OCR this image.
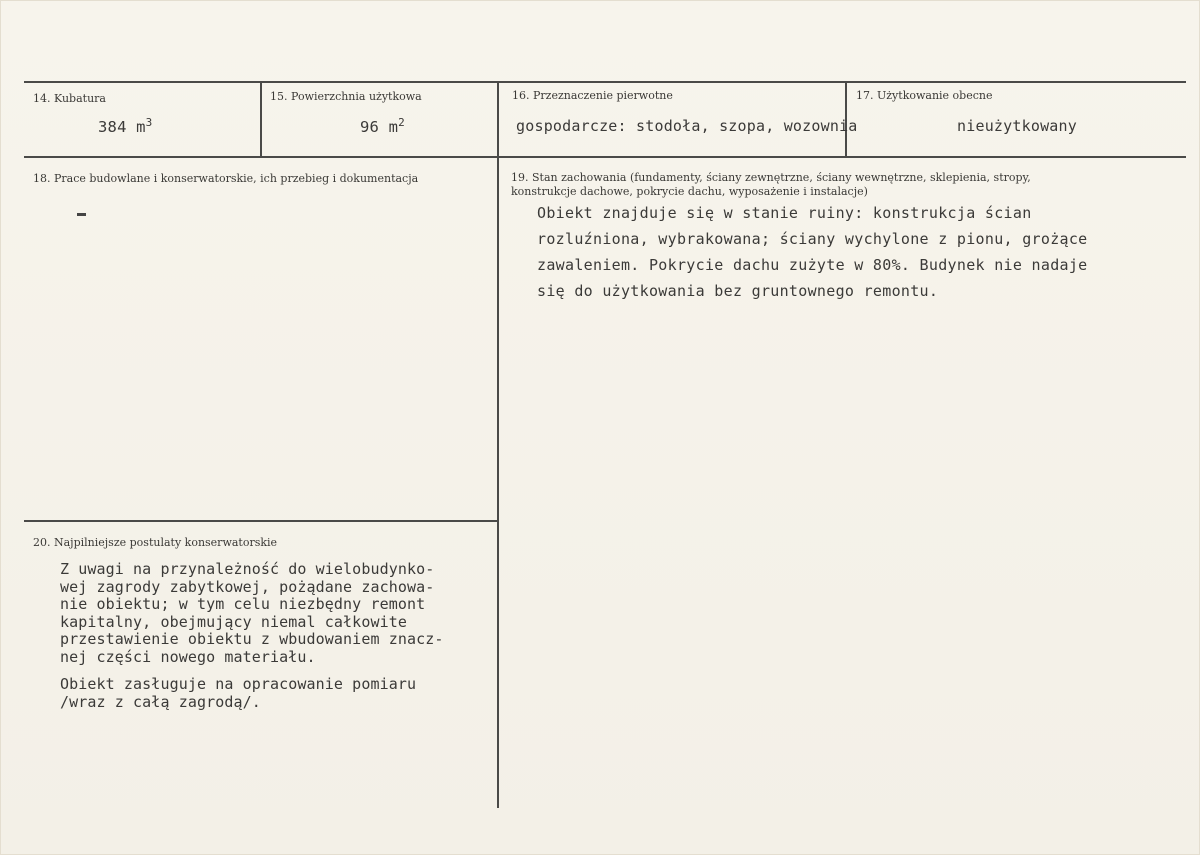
14. Kubatura
384 $m^3$
15. Powierzchnia użytkowa
96 $m^2$
16. Przeznaczenie pierwotne
gospodarcze: stodoła, szopa, wozownia
17. Użytkowanie obecne
nieużytkowany
18. Prace budowlane i konserwatorskie, ich przebieg i dokumentacja	19. Stan zachowania (fundamenty, ściany zewnętrzne, ściany wewnętrzne, sklepienia, stropy,
konstrukcje dachowe, pokrycie dachu, wyposażenie i instalacje)
Obiekt znajduje się w stanie ruiny: konstrukcja ścian
rozluźniona, wybrakowana; ściany wychylone z pionu, grożące
zawaleniem. Pokrycie dachu zużyte w 80%. Budynek nie nadaje
się do użytkowania bez gruntownego remontu.
20. Najpilniejsze postulaty konserwatorskie
Z uwagi na przynależność do wielobudynko-
wej zagrody zabytkowej, pożądane zachowa-
nie obiektu; w tym celu niezbędny remont
kapitalny, obejmujący niemal całkowite
przestawienie obiektu z wbudowaniem znacz-
nej części nowego materiału.
Obiekt zasługuje na opracowanie pomiaru
/wraz z całą zagrodą/.
